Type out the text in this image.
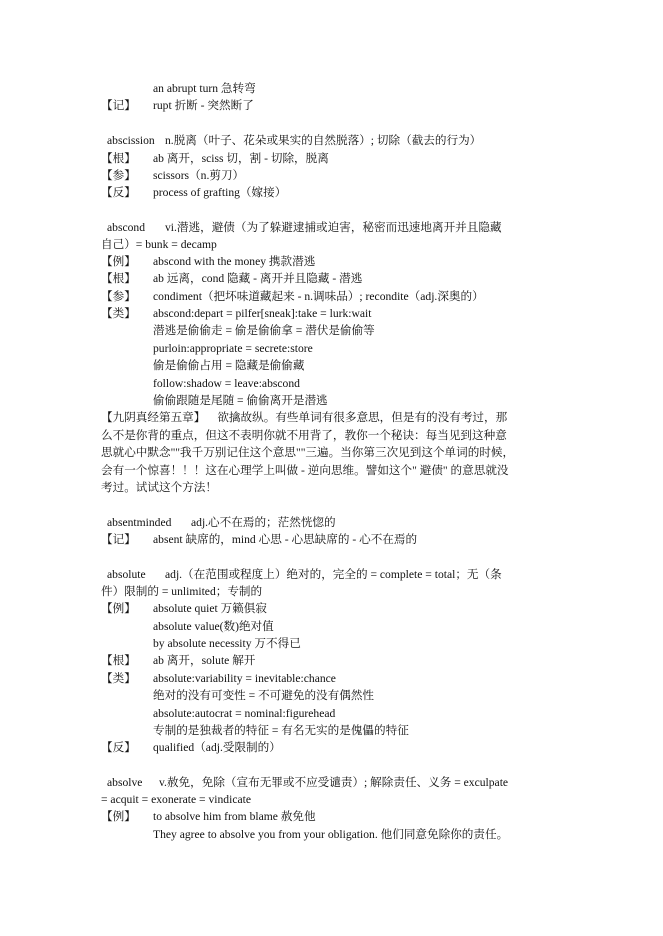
an abrupt turn 急转弯
【记】 rupt 折断 - 突然断了
abscission n.脱离（叶子、花朵或果实的自然脱落）; 切除（截去的行为）
【根】 ab 离开，sciss 切，割 - 切除，脱离
【参】 scissors（n.剪刀）
【反】 process of grafting（嫁接）
abscond vi.潜逃，避债（为了躲避逮捕或迫害，秘密而迅速地离开并且隐藏
自己）= bunk = decamp
【例】 abscond with the money 携款潜逃
【根】 ab 远离，cond 隐藏 - 离开并且隐藏 - 潜逃
【参】 condiment（把坏味道藏起来 - n.调味品）; recondite（adj.深奥的）
【类】 abscond:depart = pilfer[sneak]:take = lurk:wait
潜逃是偷偷走 = 偷是偷偷拿 = 潜伏是偷偷等
purloin:appropriate = secrete:store
偷是偷偷占用 = 隐藏是偷偷藏
follow:shadow = leave:abscond
偷偷跟随是尾随 = 偷偷离开是潜逃
【九阴真经第五章】 欲擒故纵。有些单词有很多意思，但是有的没有考过，那
么不是你背的重点，但这不表明你就不用背了，教你一个秘诀：每当见到这种意
思就心中默念""我千万别记住这个意思""三遍。当你第三次见到这个单词的时候，
会有一个惊喜！！！这在心理学上叫做 - 逆向思维。譬如这个" 避债" 的意思就没
考过。试试这个方法！
absentminded adj.心不在焉的；茫然恍惚的
【记】 absent 缺席的，mind 心思 - 心思缺席的 - 心不在焉的
absolute adj.（在范围或程度上）绝对的，完全的 = complete = total；无（条
件）限制的 = unlimited；专制的
【例】 absolute quiet 万籁俱寂
absolute value(数)绝对值
by absolute necessity 万不得已
【根】 ab 离开，solute 解开
【类】 absolute:variability = inevitable:chance
绝对的没有可变性 = 不可避免的没有偶然性
absolute:autocrat = nominal:figurehead
专制的是独裁者的特征 = 有名无实的是傀儡的特征
【反】 qualified（adj.受限制的）
absolve v.赦免，免除（宣布无罪或不应受谴责）; 解除责任、义务 = exculpate
= acquit = exonerate = vindicate
【例】 to absolve him from blame 赦免他
They agree to absolve you from your obligation. 他们同意免除你的责任。
